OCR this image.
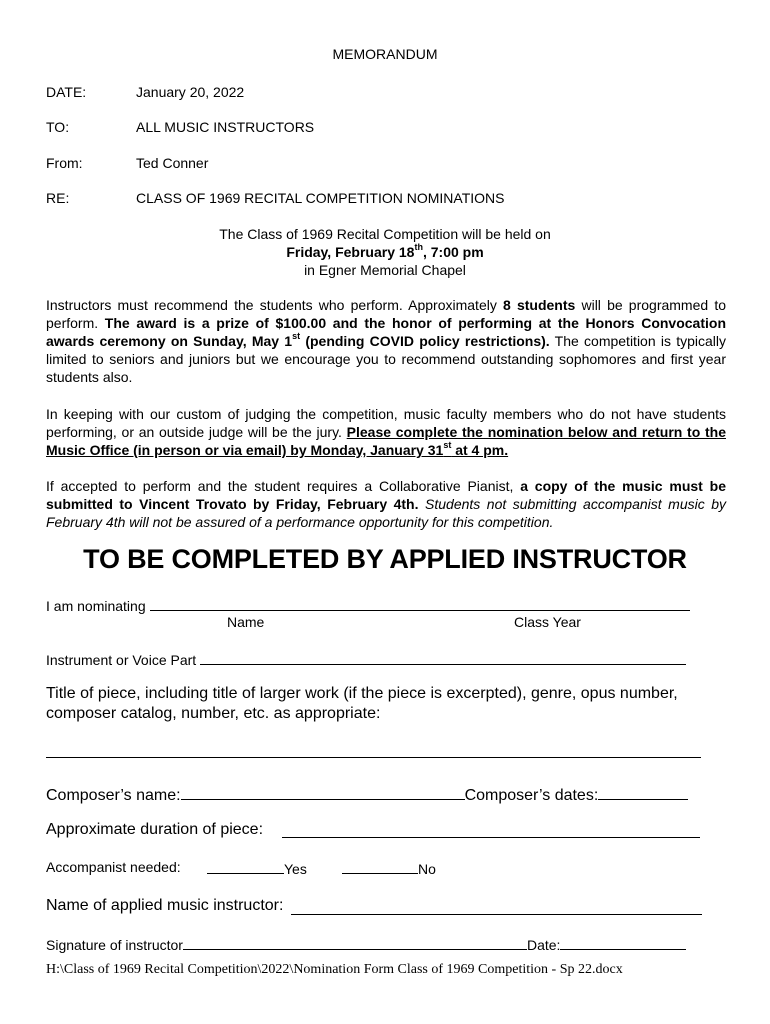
MEMORANDUM
DATE:	January 20, 2022
TO:	ALL MUSIC INSTRUCTORS
From:	Ted Conner
RE:	CLASS OF 1969 RECITAL COMPETITION NOMINATIONS
The Class of 1969 Recital Competition will be held on
Friday, February 18th, 7:00 pm
in Egner Memorial Chapel
Instructors must recommend the students who perform. Approximately 8 students will be programmed to perform. The award is a prize of $100.00 and the honor of performing at the Honors Convocation awards ceremony on Sunday, May 1st (pending COVID policy restrictions). The competition is typically limited to seniors and juniors but we encourage you to recommend outstanding sophomores and first year students also.
In keeping with our custom of judging the competition, music faculty members who do not have students performing, or an outside judge will be the jury. Please complete the nomination below and return to the Music Office (in person or via email) by Monday, January 31st at 4 pm.
If accepted to perform and the student requires a Collaborative Pianist, a copy of the music must be submitted to Vincent Trovato by Friday, February 4th. Students not submitting accompanist music by February 4th will not be assured of a performance opportunity for this competition.
TO BE COMPLETED BY APPLIED INSTRUCTOR
I am nominating
Name	Class Year
Instrument or Voice Part
Title of piece, including title of larger work (if the piece is excerpted), genre, opus number, composer catalog, number, etc. as appropriate:
Composer’s name:	Composer’s dates:
Approximate duration of piece:
Accompanist needed:	Yes	No
Name of applied music instructor:
Signature of instructor	Date:
H:\Class of 1969 Recital Competition\2022\Nomination Form Class of 1969 Competition - Sp 22.docx
